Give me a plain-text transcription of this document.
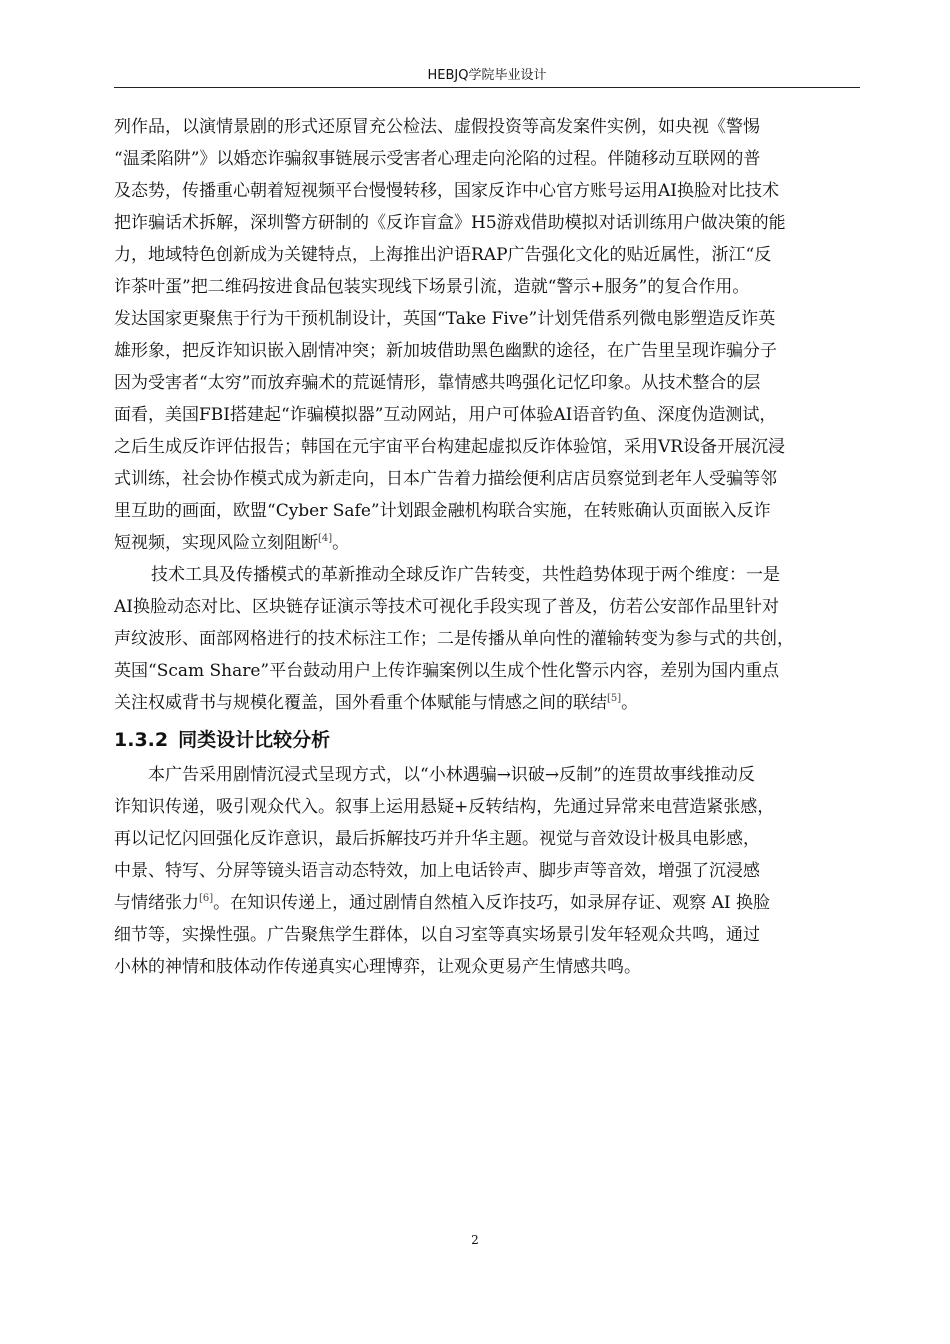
HEBJQ学院毕业设计

列作品，以演情景剧的形式还原冒充公检法、虚假投资等高发案件实例，如央视《警惕
“温柔陷阱”》以婚恋诈骗叙事链展示受害者心理走向沦陷的过程。伴随移动互联网的普
及态势，传播重心朝着短视频平台慢慢转移，国家反诈中心官方账号运用AI换脸对比技术
把诈骗话术拆解，深圳警方研制的《反诈盲盒》H5游戏借助模拟对话训练用户做决策的能
力，地域特色创新成为关键特点，上海推出沪语RAP广告强化文化的贴近属性，浙江“反
诈茶叶蛋”把二维码按进食品包装实现线下场景引流，造就“警示+服务”的复合作用。
发达国家更聚焦于行为干预机制设计，英国“Take Five”计划凭借系列微电影塑造反诈英
雄形象，把反诈知识嵌入剧情冲突；新加坡借助黑色幽默的途径，在广告里呈现诈骗分子
因为受害者“太穷”而放弃骗术的荒诞情形，靠情感共鸣强化记忆印象。从技术整合的层
面看，美国FBI搭建起“诈骗模拟器”互动网站，用户可体验AI语音钓鱼、深度伪造测试，
之后生成反诈评估报告；韩国在元宇宙平台构建起虚拟反诈体验馆，采用VR设备开展沉浸
式训练，社会协作模式成为新走向，日本广告着力描绘便利店店员察觉到老年人受骗等邻
里互助的画面，欧盟“Cyber Safe”计划跟金融机构联合实施，在转账确认页面嵌入反诈
短视频，实现风险立刻阻断[4]。

技术工具及传播模式的革新推动全球反诈广告转变，共性趋势体现于两个维度：一是
AI换脸动态对比、区块链存证演示等技术可视化手段实现了普及，仿若公安部作品里针对
声纹波形、面部网格进行的技术标注工作；二是传播从单向性的灌输转变为参与式的共创，
英国“Scam Share”平台鼓动用户上传诈骗案例以生成个性化警示内容，差别为国内重点
关注权威背书与规模化覆盖，国外看重个体赋能与情感之间的联结[5]。

1.3.2 同类设计比较分析

本广告采用剧情沉浸式呈现方式，以“小林遇骗→识破→反制”的连贯故事线推动反
诈知识传递，吸引观众代入。叙事上运用悬疑+反转结构，先通过异常来电营造紧张感，
再以记忆闪回强化反诈意识，最后拆解技巧并升华主题。视觉与音效设计极具电影感，
中景、特写、分屏等镜头语言动态特效，加上电话铃声、脚步声等音效，增强了沉浸感
与情绪张力[6]。在知识传递上，通过剧情自然植入反诈技巧，如录屏存证、观察 AI 换脸
细节等，实操性强。广告聚焦学生群体，以自习室等真实场景引发年轻观众共鸣，通过
小林的神情和肢体动作传递真实心理博弈，让观众更易产生情感共鸣。

2
